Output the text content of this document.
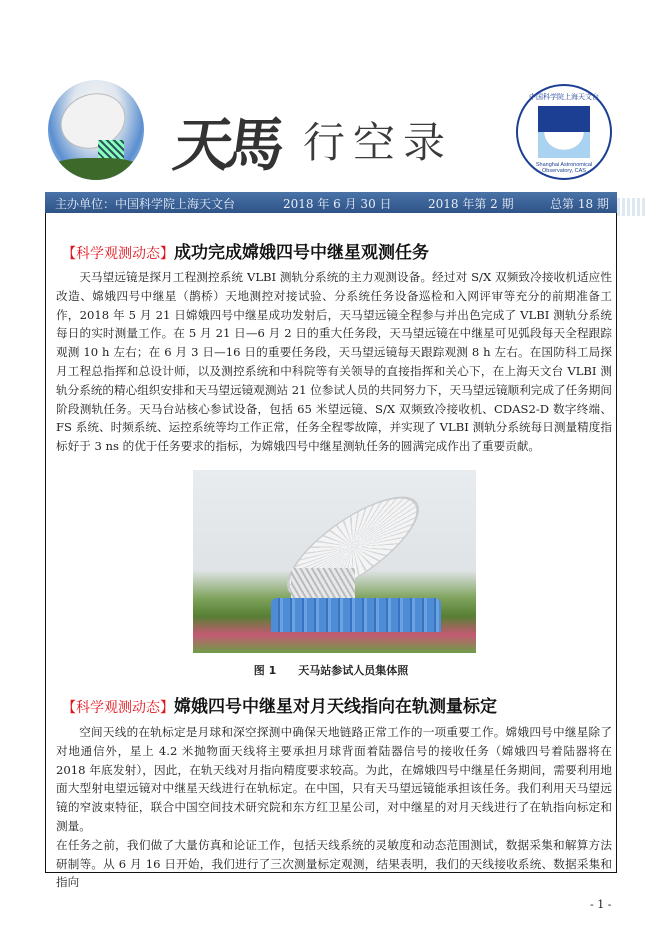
天馬 行空录
中国科学院上海天文台
Shanghai Astronomical Observatory, CAS
主办单位：中国科学院上海天文台	2018 年 6 月 30 日	2018 年第 2 期	总第 18 期
【科学观测动态】成功完成嫦娥四号中继星观测任务

天马望远镜是探月工程测控系统 VLBI 测轨分系统的主力观测设备。经过对 S/X 双频致冷接收机适应性改造、嫦娥四号中继星（鹊桥）天地测控对接试验、分系统任务设备巡检和入网评审等充分的前期准备工作，2018 年 5 月 21 日嫦娥四号中继星成功发射后，天马望远镜全程参与并出色完成了 VLBI 测轨分系统每日的实时测量工作。在 5 月 21 日—6 月 2 日的重大任务段，天马望远镜在中继星可见弧段每天全程跟踪观测 10 h 左右；在 6 月 3 日—16 日的重要任务段，天马望远镜每天跟踪观测 8 h 左右。在国防科工局探月工程总指挥和总设计师，以及测控系统和中科院等有关领导的直接指挥和关心下，在上海天文台 VLBI 测轨分系统的精心组织安排和天马望远镜观测站 21 位参试人员的共同努力下，天马望远镜顺利完成了任务期间阶段测轨任务。天马台站核心参试设备，包括 65 米望远镜、S/X 双频致冷接收机、CDAS2-D 数字终端、FS 系统、时频系统、运控系统等均工作正常，任务全程零故障，并实现了 VLBI 测轨分系统每日测量精度指标好于 3 ns 的优于任务要求的指标，为嫦娥四号中继星测轨任务的圆满完成作出了重要贡献。

图 1 天马站参试人员集体照
【科学观测动态】嫦娥四号中继星对月天线指向在轨测量标定

空间天线的在轨标定是月球和深空探测中确保天地链路正常工作的一项重要工作。嫦娥四号中继星除了对地通信外，星上 4.2 米抛物面天线将主要承担月球背面着陆器信号的接收任务（嫦娥四号着陆器将在 2018 年底发射），因此，在轨天线对月指向精度要求较高。为此，在嫦娥四号中继星任务期间，需要利用地面大型射电望远镜对中继星天线进行在轨标定。在中国，只有天马望远镜能承担该任务。我们利用天马望远镜的窄波束特征，联合中国空间技术研究院和东方红卫星公司，对中继星的对月天线进行了在轨指向标定和测量。

在任务之前，我们做了大量仿真和论证工作，包括天线系统的灵敏度和动态范围测试，数据采集和解算方法研制等。从 6 月 16 日开始，我们进行了三次测量标定观测，结果表明，我们的天线接收系统、数据采集和指向

- 1 -
